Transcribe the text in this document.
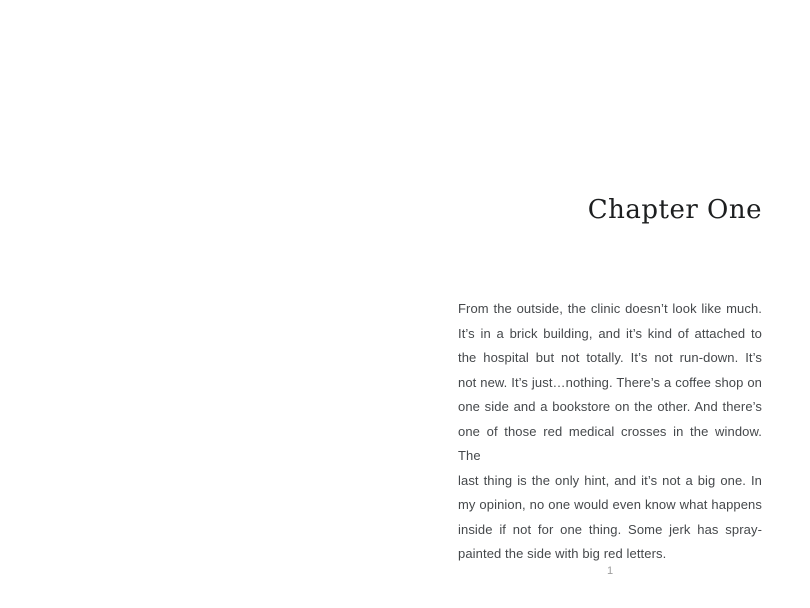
Chapter One
From the outside, the clinic doesn’t look like much.
It’s in a brick building, and it’s kind of attached to
the hospital but not totally. It’s not run-down. It’s
not new. It’s just…nothing. There’s a coffee shop on
one side and a bookstore on the other. And there’s
one of those red medical crosses in the window. The
last thing is the only hint, and it’s not a big one. In
my opinion, no one would even know what happens
inside if not for one thing. Some jerk has spray-
painted the side with big red letters.
1
